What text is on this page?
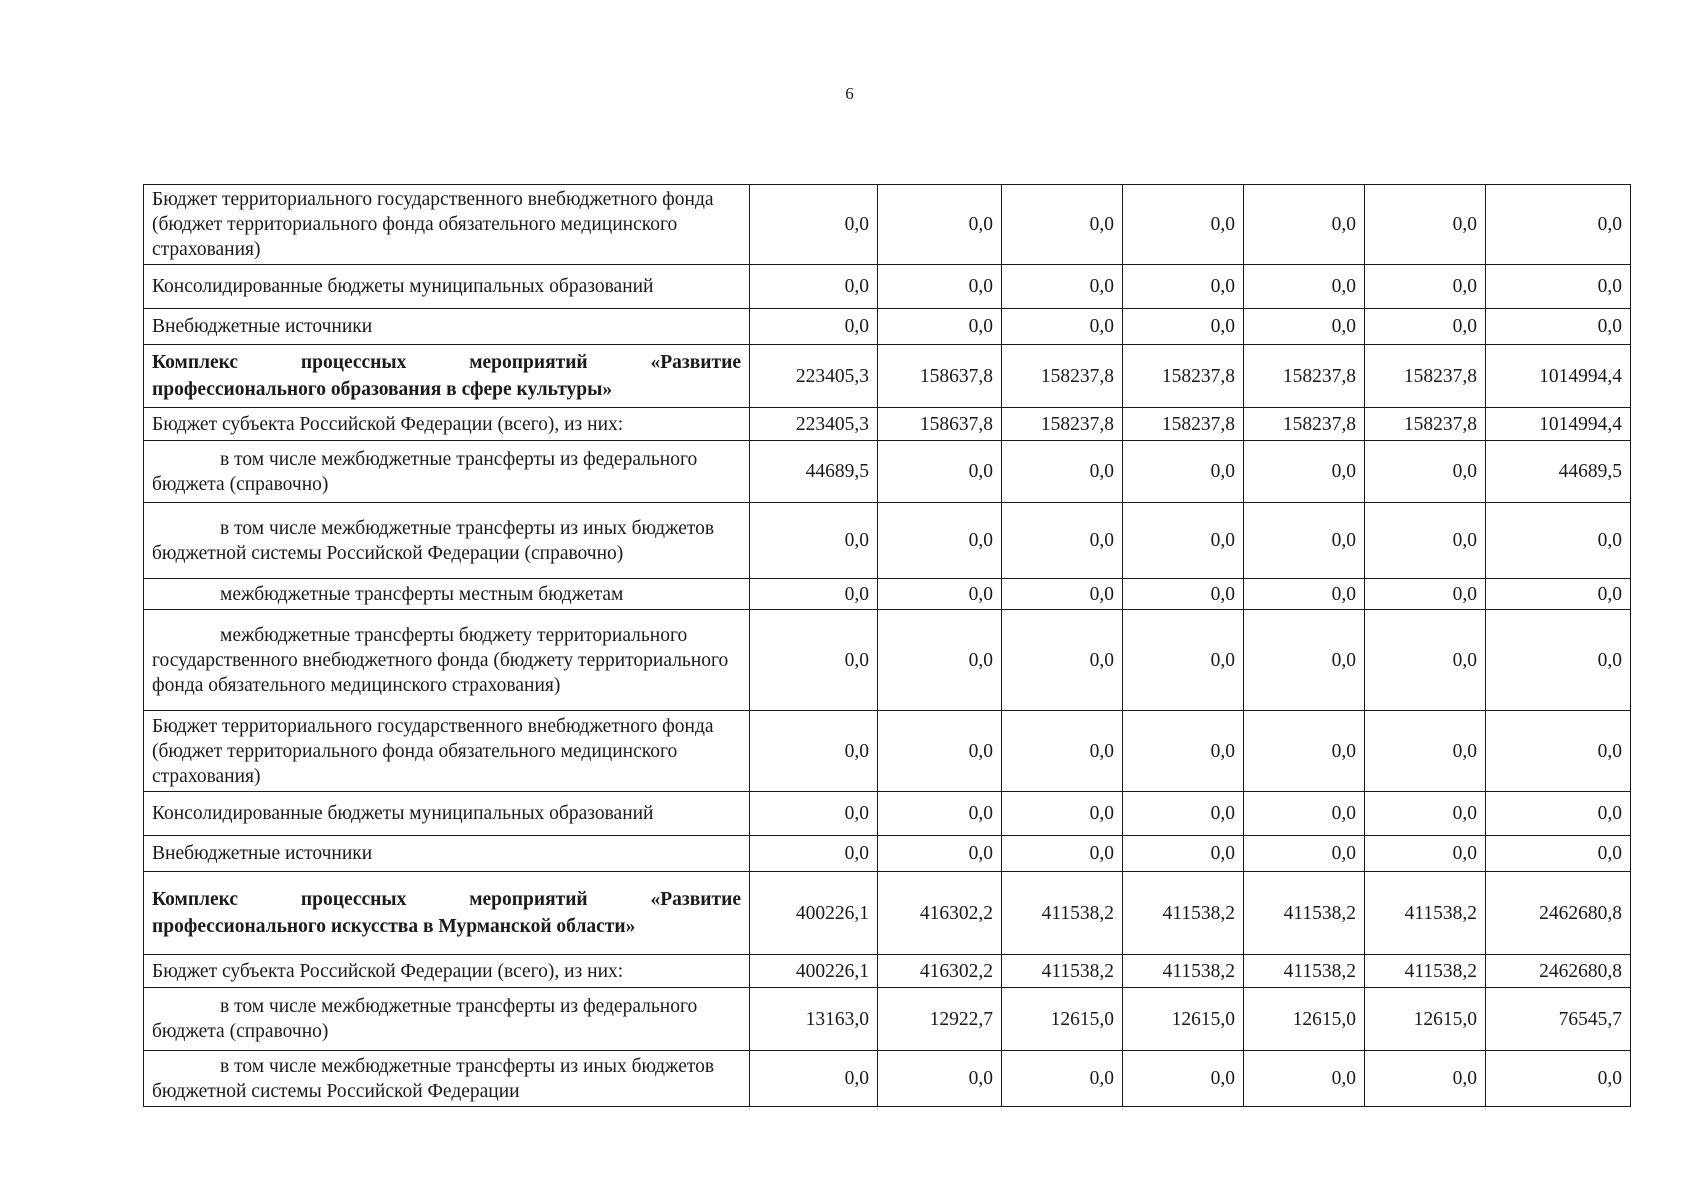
6
Бюджет территориального государственного внебюджетного фонда (бюджет территориального фонда обязательного медицинского страхования)	0,0	0,0	0,0	0,0	0,0	0,0	0,0
Консолидированные бюджеты муниципальных образований	0,0	0,0	0,0	0,0	0,0	0,0	0,0
Внебюджетные источники	0,0	0,0	0,0	0,0	0,0	0,0	0,0
Комплекс процессных мероприятий «Развитие профессионального образования в сфере культуры»	223405,3	158637,8	158237,8	158237,8	158237,8	158237,8	1014994,4
Бюджет субъекта Российской Федерации (всего), из них:	223405,3	158637,8	158237,8	158237,8	158237,8	158237,8	1014994,4
в том числе межбюджетные трансферты из федерального бюджета (справочно)	44689,5	0,0	0,0	0,0	0,0	0,0	44689,5
в том числе межбюджетные трансферты из иных бюджетов бюджетной системы Российской Федерации (справочно)	0,0	0,0	0,0	0,0	0,0	0,0	0,0
межбюджетные трансферты местным бюджетам	0,0	0,0	0,0	0,0	0,0	0,0	0,0
межбюджетные трансферты бюджету территориального государственного внебюджетного фонда (бюджету территориального фонда обязательного медицинского страхования)	0,0	0,0	0,0	0,0	0,0	0,0	0,0
Бюджет территориального государственного внебюджетного фонда (бюджет территориального фонда обязательного медицинского страхования)	0,0	0,0	0,0	0,0	0,0	0,0	0,0
Консолидированные бюджеты муниципальных образований	0,0	0,0	0,0	0,0	0,0	0,0	0,0
Внебюджетные источники	0,0	0,0	0,0	0,0	0,0	0,0	0,0
Комплекс процессных мероприятий «Развитие профессионального искусства в Мурманской области»	400226,1	416302,2	411538,2	411538,2	411538,2	411538,2	2462680,8
Бюджет субъекта Российской Федерации (всего), из них:	400226,1	416302,2	411538,2	411538,2	411538,2	411538,2	2462680,8
в том числе межбюджетные трансферты из федерального бюджета (справочно)	13163,0	12922,7	12615,0	12615,0	12615,0	12615,0	76545,7
в том числе межбюджетные трансферты из иных бюджетов бюджетной системы Российской Федерации	0,0	0,0	0,0	0,0	0,0	0,0	0,0
